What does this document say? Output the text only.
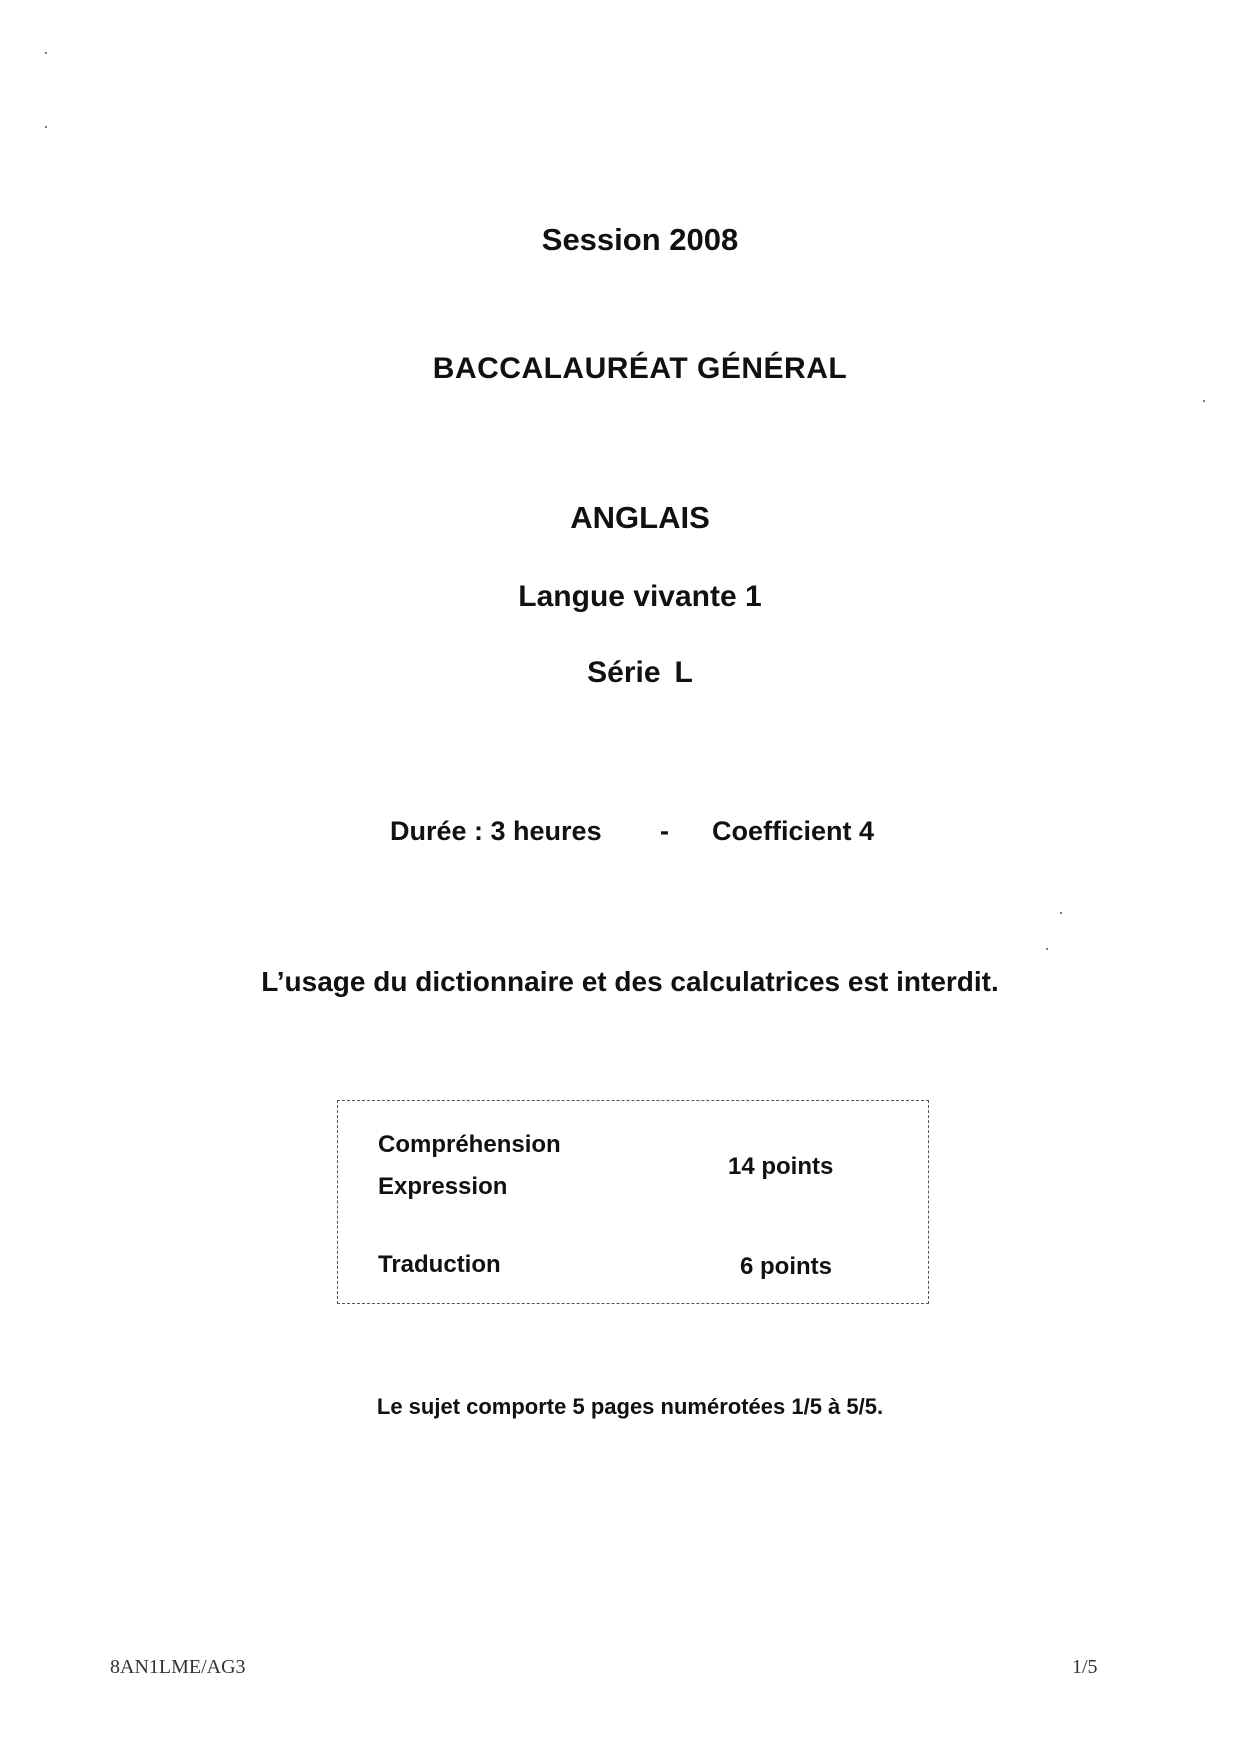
Session 2008
BACCALAURÉAT GÉNÉRAL
ANGLAIS
Langue vivante 1
Série L
Durée : 3 heures - Coefficient 4
L’usage du dictionnaire et des calculatrices est interdit.
Compréhension
Expression
14 points
Traduction	6 points
Le sujet comporte 5 pages numérotées 1/5 à 5/5.
8AN1LME/AG3	1/5
